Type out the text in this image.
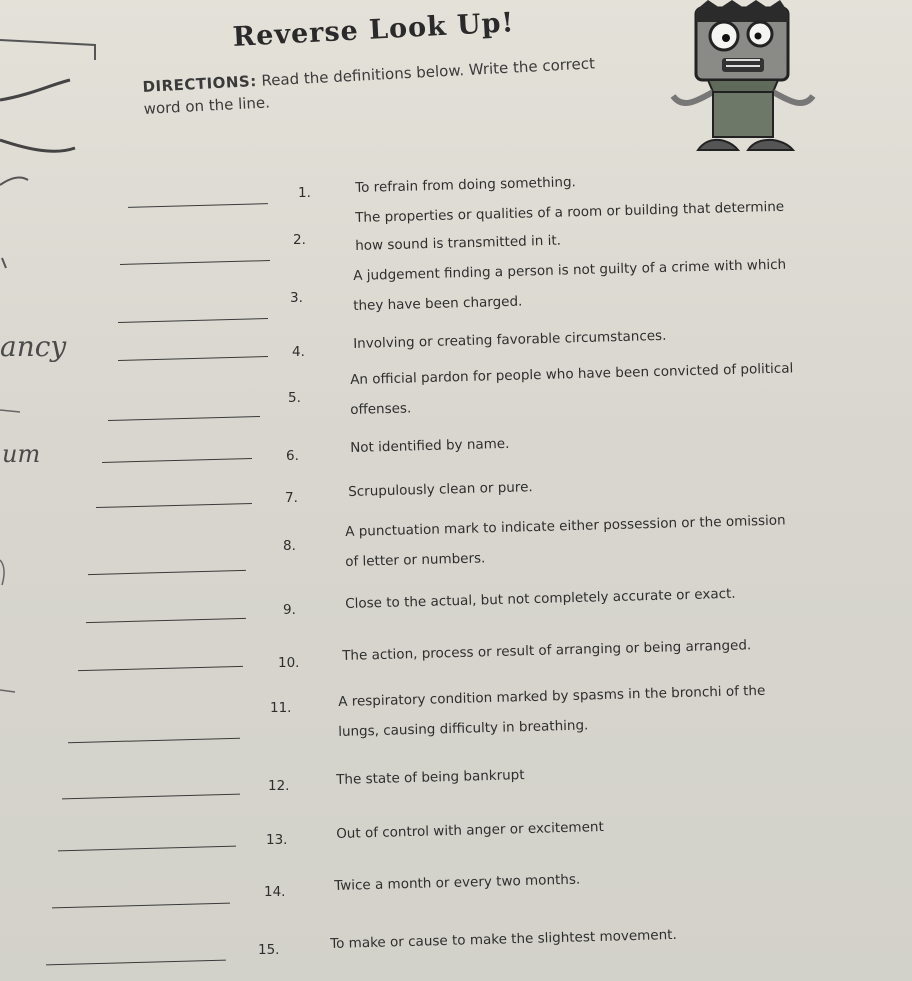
ancy
um
Reverse Look Up!
DIRECTIONS: Read the definitions below. Write the correct word on the line.
1.	To refrain from doing something.
2.
The properties or qualities of a room or building that determine
how sound is transmitted in it.
3.
A judgement finding a person is not guilty of a crime with which
they have been charged.
4.
Involving or creating favorable circumstances.
5.
An official pardon for people who have been convicted of political
offenses.
6.
Not identified by name.
7.	Scrupulously clean or pure.
8.
A punctuation mark to indicate either possession or the omission
of letter or numbers.
9.	Close to the actual, but not completely accurate or exact.
10.	The action, process or result of arranging or being arranged.
11.	A respiratory condition marked by spasms in the bronchi of the
lungs, causing difficulty in breathing.
12.	The state of being bankrupt
13.	Out of control with anger or excitement
14.	Twice a month or every two months.
15.	To make or cause to make the slightest movement.
